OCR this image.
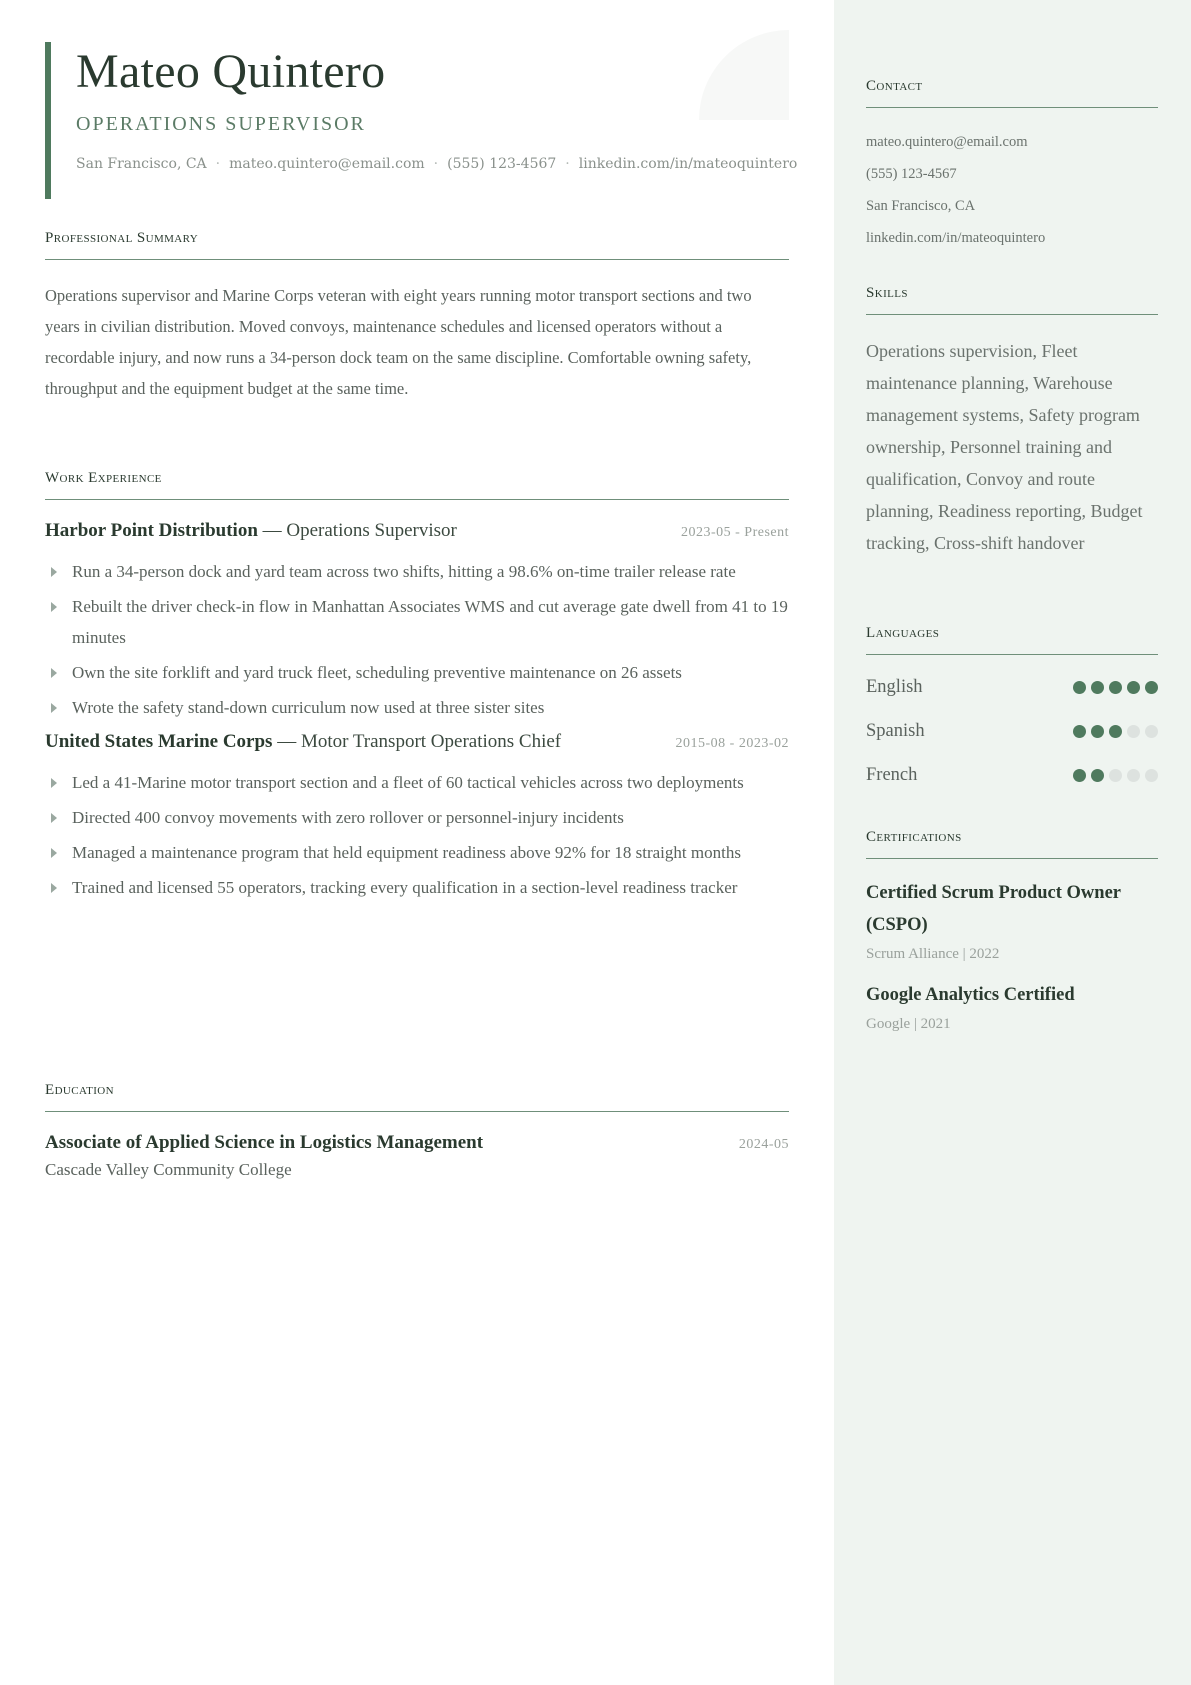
Mateo Quintero
OPERATIONS SUPERVISOR
San Francisco, CA · mateo.quintero@email.com · (555) 123-4567 · linkedin.com/in/mateoquintero
Professional Summary
Operations supervisor and Marine Corps veteran with eight years running motor transport sections and two years in civilian distribution. Moved convoys, maintenance schedules and licensed operators without a recordable injury, and now runs a 34-person dock team on the same discipline. Comfortable owning safety, throughput and the equipment budget at the same time.
Work Experience
Harbor Point Distribution — Operations Supervisor	2023-05 - Present
Run a 34-person dock and yard team across two shifts, hitting a 98.6% on-time trailer release rate
Rebuilt the driver check-in flow in Manhattan Associates WMS and cut average gate dwell from 41 to 19 minutes
Own the site forklift and yard truck fleet, scheduling preventive maintenance on 26 assets
Wrote the safety stand-down curriculum now used at three sister sites
United States Marine Corps — Motor Transport Operations Chief	2015-08 - 2023-02
Led a 41-Marine motor transport section and a fleet of 60 tactical vehicles across two deployments
Directed 400 convoy movements with zero rollover or personnel-injury incidents
Managed a maintenance program that held equipment readiness above 92% for 18 straight months
Trained and licensed 55 operators, tracking every qualification in a section-level readiness tracker
Education
Associate of Applied Science in Logistics Management	2024-05
Cascade Valley Community College
Contact
mateo.quintero@email.com
(555) 123-4567
San Francisco, CA
linkedin.com/in/mateoquintero
Skills
Operations supervision, Fleet maintenance planning, Warehouse management systems, Safety program ownership, Personnel training and qualification, Convoy and route planning, Readiness reporting, Budget tracking, Cross-shift handover
Languages
English
Spanish
French
Certifications
Certified Scrum Product Owner (CSPO)
Scrum Alliance | 2022
Google Analytics Certified
Google | 2021
